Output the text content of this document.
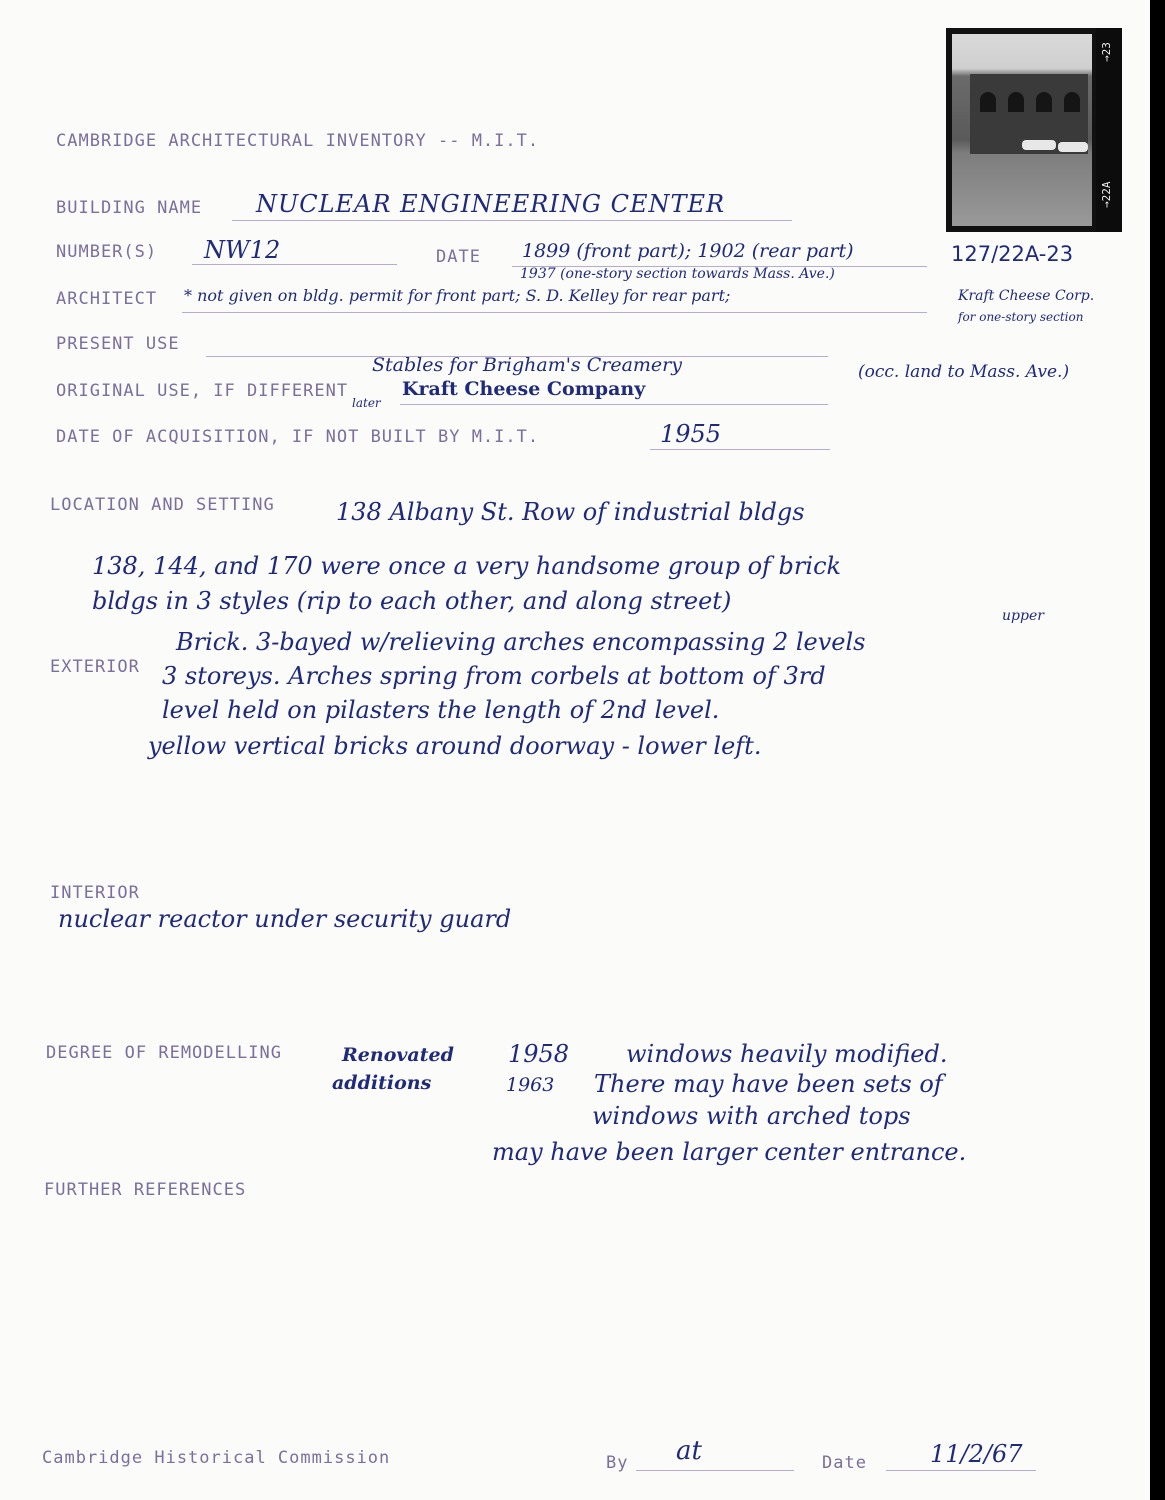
CAMBRIDGE ARCHITECTURAL INVENTORY -- M.I.T.
BUILDING NAME NUCLEAR ENGINEERING CENTER
NUMBER(S) NW12	DATE 1899 (front part); 1902 (rear part)
1937 (one-story section towards Mass. Ave.)
127/22A-23
ARCHITECT * not given on bldg. permit for front part; S. D. Kelley for rear part;	Kraft Cheese Corp.
for one-story section
PRESENT USE
Stables for Brigham's Creamery	(occ. land to Mass. Ave.)
ORIGINAL USE, IF DIFFERENT
later
Kraft Cheese Company
DATE OF ACQUISITION, IF NOT BUILT BY M.I.T.	1955
LOCATION AND SETTING	138 Albany St. Row of industrial bldgs
138, 144, and 170 were once a very handsome group of brick
bldgs in 3 styles (rip to each other, and along street)
upper
EXTERIOR
Brick. 3-bayed w/relieving arches encompassing 2 levels
3 storeys. Arches spring from corbels at bottom of 3rd
level held on pilasters the length of 2nd level.
yellow vertical bricks around doorway - lower left.
INTERIOR
nuclear reactor under security guard
DEGREE OF REMODELLING	Renovated 1958 windows heavily modified.
additions	1963 There may have been sets of
windows with arched tops
may have been larger center entrance.
FURTHER REFERENCES
Cambridge Historical Commission	By at	Date	11/2/67
→23
→22A
